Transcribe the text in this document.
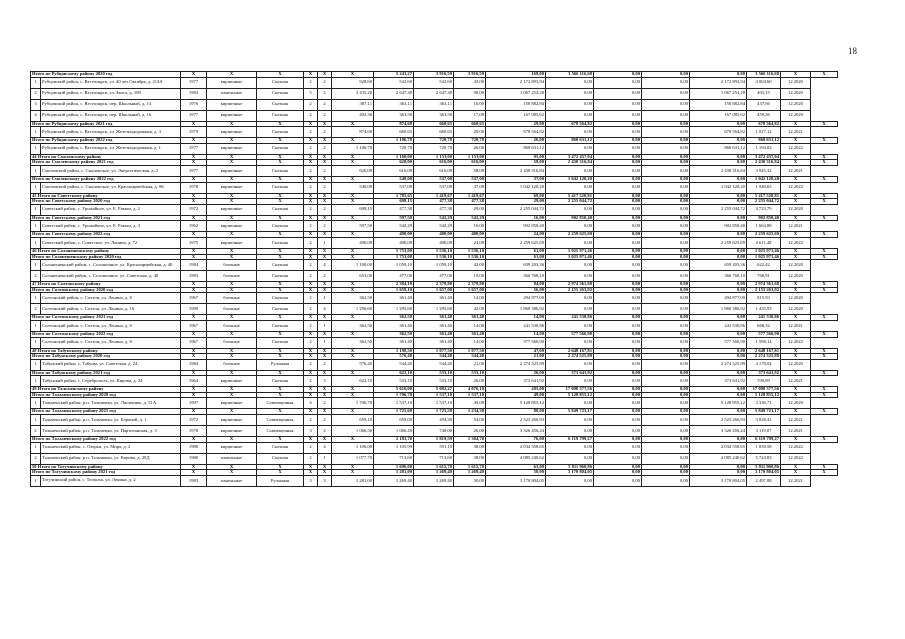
18
Итого по Рубцовскому району 2020 год		X	X	X	X	X	X	5 243,27	3 916,59	3 916,59	168,00	3 566 116,68	0,00	0,00	0,00	3 566 116,68	X	X
1	Рубцовский район, с. Веселоярск, ул. 40 лет Октября, д. 214А	1977	кирпичные	Скатная	2	2	928,60	542,60	542,60	43,00	2 172 893,94	0,00	0,00	0,00	2 172 893,94	4 004,60	12.2020	
2	Рубцовский район, с. Веселоярск, ул. Заиса, д. 189	1984	панельные	Скатная	5	2	3 435,20	2 647,30	2 647,30	98,00	1 067 254,28	0,00	0,00	0,00	1 067 254,28	403,15	12.2020	
3	Рубцовский район, с. Веселоярск, пер. Школьный, д. 14	1976	кирпичные	Скатная	2	2	387,11	363,11	363,11	10,00	158 882,84	0,00	0,00	0,00	158 882,84	437,56	12.2020	
4	Рубцовский район, с. Веселоярск, пер. Школьный, д. 16	1977	кирпичные	Скатная	2	2	492,36	363,58	363,58	17,00	167 085,62	0,00	0,00	0,00	167 085,62	459,56	12.2020	
Итого по Рубцовскому району 2021 год		X	X	X	X	X	X	874,68	660,65	660,65	29,00	678 564,82	0,00	0,00	0,00	678 564,82	X	X
1	Рубцовский район, с. Веселоярск, ул. Железнодорожная, д. 3	1979	кирпичные	Скатная	2	2	874,68	660,65	660,65	29,00	678 564,82	0,00	0,00	0,00	678 564,82	1 027,12	12.2021	
Итого по Рубцовскому району 2022 год		X	X	X	X	X	X	1 106,78	720,78	720,78	26,00	860 631,12	0,00	0,00	0,00	860 631,12	X	X
1	Рубцовский район, с. Веселоярск, ул. Железнодорожная, д. 1	1977	кирпичные	Скатная	2	2	1 106,78	720,78	720,78	26,00	860 631,12	0,00	0,00	0,00	860 631,12	1 194,03	12.2022	
44 Итого по Смоленскому району		X	X	X	X	X	X	1 160,00	1 153,00	1 153,00	95,00	3 472 437,04	0,00	0,00	0,00	3 472 437,04	X	X
Итого по Смоленскому району 2021 год		X	X	X	X	X	X	620,00	616,00	616,00	58,00	2 430 316,84	0,00	0,00	0,00	2 430 316,84	X	X
1	Смоленский район, с. Смоленское, ул. Энергетическая, д. 2	1977	кирпичные	Скатная	2	2	620,00	616,00	616,00	58,00	2 430 316,84	0,00	0,00	0,00	2 430 316,84	3 945,32	12.2021	
Итого по Смоленскому району 2022 год		X	X	X	X	X	X	540,00	537,00	537,00	37,00	1 042 120,20	0,00	0,00	0,00	1 042 120,20	X	X
1	Смоленский район, с. Смоленское, ул. Красноармейская, д. 86	1978	кирпичные	Скатная	2	2	540,00	537,00	537,00	37,00	1 042 120,20	0,00	0,00	0,00	1 042 120,20	1 940,63	12.2022	
45 Итого по Советскому району		X	X	X	X	X	X	1 785,65	1 419,67	1 419,67	69,00	5 417 520,81	0,00	0,00	0,00	5 417 520,81	X	X
Итого по Советскому району 2020 год		X	X	X	X	X	X	698,15	477,38	477,38	29,00	2 255 044,72	0,00	0,00	0,00	2 255 044,72	X	X
1	Советский район, с. Урожайное, ул. Е. Ракши, д. 2	1972	кирпичные	Скатная	2	2	698,15	477,38	477,38	29,00	2 255 044,72	0,00	0,00	0,00	2 255 044,72	4 723,79	12.2020	
Итого по Советскому району 2021 год		X	X	X	X	X	X	597,50	542,29	542,29	16,00	902 850,40	0,00	0,00	0,00	902 850,40	X	X
1	Советский район, с. Урожайное, ул. Е. Ракши, д. 3	1962	кирпичные	Скатная	2	2	597,50	542,29	542,29	16,00	902 850,40	0,00	0,00	0,00	902 850,40	1 664,88	12.2021	
Итого по Советскому району 2022 год		X	X	X	X	X	X	490,00	400,00	400,00	24,00	2 259 625,69	0,00	0,00	0,00	2 259 625,69	X	X
1	Советский район, с. Советское, ул. Ленина, д. 72	1975	кирпичные	Скатная	2	1	490,00	400,00	400,00	24,00	2 259 625,69	0,00	0,00	0,00	2 259 625,69	4 611,48	12.2022	
46 Итого по Солонешенскому району		X	X	X	X	X	X	1 753,00	1 536,10	1 536,10	61,00	1 025 971,46	0,00	0,00	0,00	1 025 971,46	X	X
Итого по Солонешенскому району 2020 год		X	X	X	X	X	X	1 753,00	1 536,10	1 536,10	61,00	1 025 971,46	0,00	0,00	0,00	1 025 971,46	X	X
1	Солонешенский район, с. Солонешное, ул. Красноармейская, д. 40	1984	блочные	Скатная	2	4	1 100,00	1 059,10	1 059,10	42,00	659 203,36	0,00	0,00	0,00	659 203,36	622,42	12.2020	
2	Солонешенский район, с. Солонешное, ул. Советская, д. 40	1983	блочные	Скатная	2	2	653,00	477,00	477,00	19,00	366 768,10	0,00	0,00	0,00	366 768,10	768,91	12.2020	
47 Итого по Солтонскому району		X	X	X	X	X	X	2 384,10	2 379,80	2 379,80	84,00	2 974 361,68	0,00	0,00	0,00	2 974 361,68	X	X
Итого по Солтонскому району 2020 год		X	X	X	X	X	X	1 659,10	1 657,00	1 657,00	56,00	2 155 263,92	0,00	0,00	0,00	2 155 263,92	X	X
1	Солтонский район, с. Солтон, ул. Ленина, д. 8	1967	блочные	Скатная	2	1	362,50	361,40	361,40	14,00	294 877,00	0,00	0,00	0,00	294 877,00	815,93	12.2020	
2	Солтонский район, с. Солтон, ул. Ленина, д. 16	1989	блочные	Скатная	2	4	1 296,60	1 295,60	1 295,60	42,00	1 860 386,92	0,00	0,00	0,00	1 860 386,92	1 435,93	12.2020	
Итого по Солтонскому району 2021 год		X	X	X	X	X	X	362,50	361,40	361,40	14,00	241 530,86	0,00	0,00	0,00	241 530,86	X	X
1	Солтонский район, с. Солтон, ул. Ленина, д. 8	1967	блочные	Скатная	2	1	362,50	361,40	361,40	14,00	241 530,86	0,00	0,00	0,00	241 530,86	668,32	12.2021	
Итого по Солтонскому району 2022 год		X	X	X	X	X	X	362,50	361,40	361,40	14,00	577 566,90	0,00	0,00	0,00	577 566,90	X	X
1	Солтонский район, с. Солтон, ул. Ленина, д. 8	1967	блочные	Скатная	2	1	362,50	361,40	361,40	14,00	577 566,90	0,00	0,00	0,00	577 566,90	1 598,14	12.2022	
48 Итого по Табунскому району		X	X	X	X	X	X	1 198,50	1 077,50	1 077,50	47,00	2 648 167,81	0,00	0,00	0,00	2 648 167,81	X	X
Итого по Табунскому району 2020 год		X	X	X	X	X	X	576,40	544,40	544,40	21,00	2 274 525,89	0,00	0,00	0,00	2 274 525,89	X	X
1	Табунский район, с. Табуны, ул. Советская, д. 24	1984	блочные	Рулонная	2	2	576,40	544,40	544,40	21,00	2 274 525,89	0,00	0,00	0,00	2 274 525,89	4 178,04	12.2020	
Итого по Табунскому району 2021 год		X	X	X	X	X	X	622,10	533,10	533,10	26,00	373 641,92	0,00	0,00	0,00	373 641,92	X	X
1	Табунский район, с. Сереброполь, ул. Кирова, д. 24	1964	кирпичные	Скатная	2	3	622,10	533,10	533,10	26,00	373 641,92	0,00	0,00	0,00	373 641,92	700,89	12.2021	
49 Итого по Тальменскому району		X	X	X	X	X	X	5 616,00	5 082,27	4 076,10	205,00	17 098 377,56	0,00	0,00	0,00	17 098 377,56	X	X
Итого по Тальменскому району 2020 год		X	X	X	X	X	X	1 706,70	1 537,10	1 537,10	49,00	5 128 855,12	0,00	0,00	0,00	5 128 855,12	X	X
1	Тальменский район, р.п. Тальменка, ул. Лисавенко, д. 51А	1997	кирпичные	Совмещенная	4	2	1 706,70	1 537,10	1 537,10	49,00	5 128 855,12	0,00	0,00	0,00	5 128 855,12	3 336,71	12.2020	
Итого по Тальменскому району 2021 год		X	X	X	X	X	X	1 725,60	1 725,58	1 234,30	80,00	5 849 723,17	0,00	0,00	0,00	5 849 723,17	X	X
1	Тальменский район, р.п. Тальменка, ул. Бороной, д. 1	1972	кирпичные	Совмещенная	2	2	659,10	659,09	494,30	54,00	2 523 266,93	0,00	0,00	0,00	2 523 266,93	3 828,41	12.2021	
2	Тальменский район, р.п. Тальменка, ул. Партизанская, д. 3	1978	кирпичные	Совмещенная	3	2	1 066,50	1 066,49	740,00	26,00	3 326 456,24	0,00	0,00	0,00	3 326 456,24	3 119,07	12.2021	
Итого по Тальменскому району 2022 год		X	X	X	X	X	X	2 183,70	1 819,59	1 304,70	76,00	6 119 799,27	0,00	0,00	0,00	6 119 799,27	X	X
1	Тальменский район, с. Озерки, ул. Мира, д. 2	1980	кирпичные	Скатная	2	4	1 106,00	1 105,99	591,10	38,00	2 034 558,65	0,00	0,00	0,00	2 034 558,65	1 839,58	12.2022	
2	Тальменский район, р.п. Тальменка, ул. Кирова, д. 28Д	1980	панельные	Скатная	2	1	1 077,70	713,60	713,60	38,00	4 085 240,62	0,00	0,00	0,00	4 085 240,62	5 724,83	12.2022	
50 Итого по Тогучинскому району		X	X	X	X	X	X	1 696,00	1 615,70	1 615,70	63,00	5 811 960,86	0,00	0,00	0,00	5 811 960,86	X	X
Итого по Тогучинскому району 2021 год		X	X	X	X	X	X	1 281,00	1 269,40	1 269,40	50,00	3 170 804,05	0,00	0,00	0,00	3 170 804,05	X	X
1	Тогучинский район, с. Топчиха, ул. Ленина, д. 2	1983	панельные	Рулонная	3	3	1 281,00	1 269,40	1 269,40	50,00	3 170 804,05	0,00	0,00	0,00	3 170 804,05	2 497,88	12.2021	
